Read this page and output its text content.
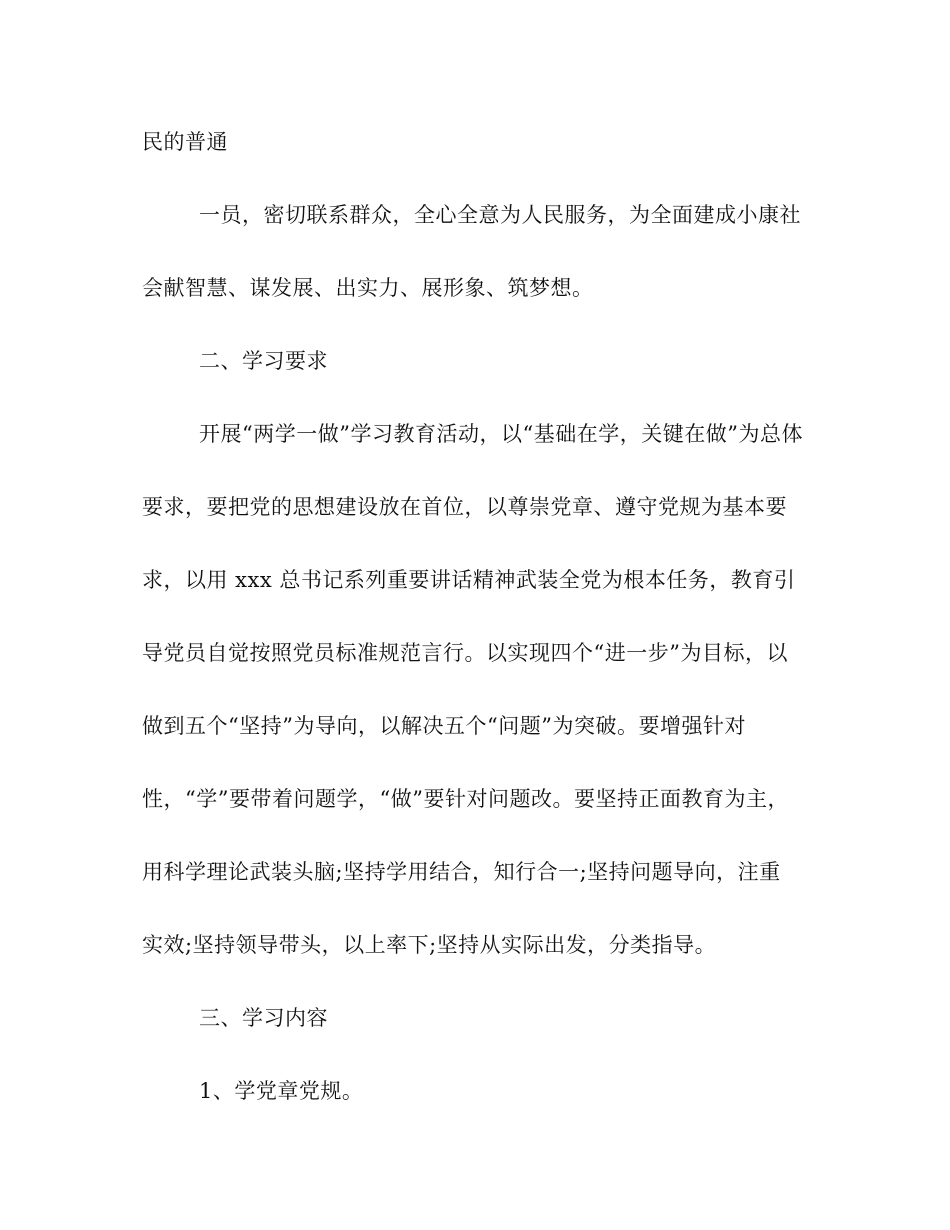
民的普通

一员，密切联系群众，全心全意为人民服务，为全面建成小康社

会献智慧、谋发展、出实力、展形象、筑梦想。

二、学习要求

开展“两学一做”学习教育活动，以“基础在学，关键在做”为总体

要求，要把党的思想建设放在首位，以尊崇党章、遵守党规为基本要

求，以用 xxx 总书记系列重要讲话精神武装全党为根本任务，教育引

导党员自觉按照党员标准规范言行。以实现四个“进一步”为目标，以

做到五个“坚持”为导向，以解决五个“问题”为突破。要增强针对

性，“学”要带着问题学，“做”要针对问题改。要坚持正面教育为主，

用科学理论武装头脑;坚持学用结合，知行合一;坚持问题导向，注重

实效;坚持领导带头，以上率下;坚持从实际出发，分类指导。

三、学习内容

1、学党章党规。
